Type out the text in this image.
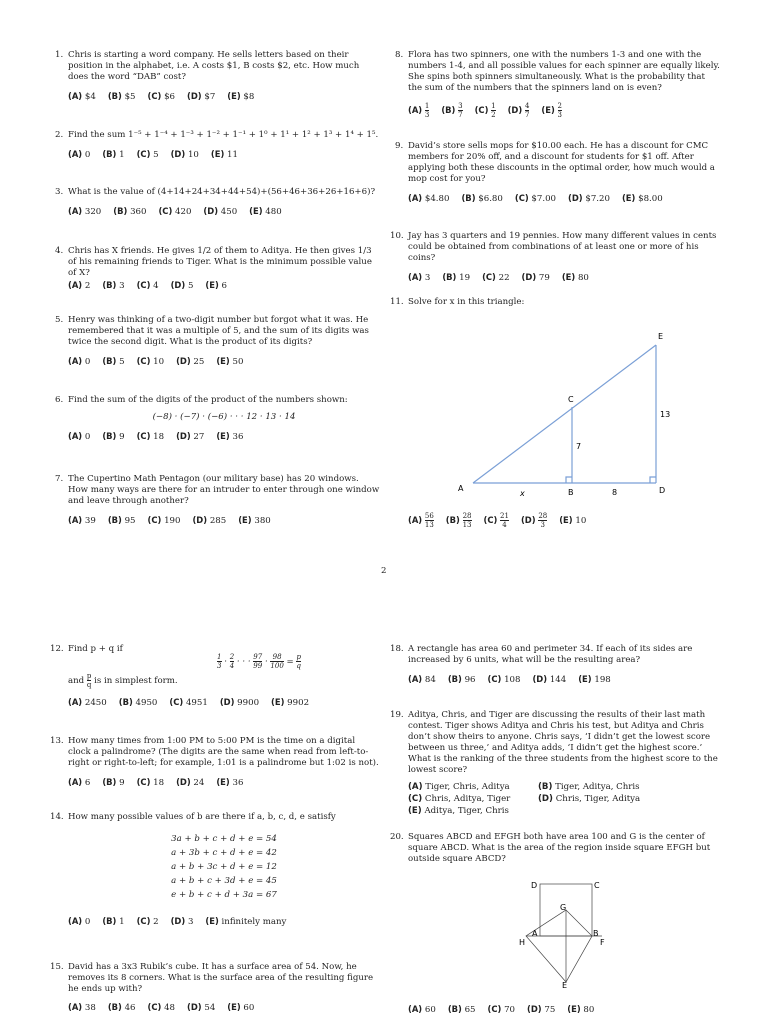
1. Chris is starting a word company. He sells letters based on their position in the alphabet, i.e. A costs $1, B costs $2, etc. How much does the word “DAB” cost?
(A) $4 (B) $5 (C) $6 (D) $7 (E) $8
2. Find the sum 1⁻⁵ + 1⁻⁴ + 1⁻³ + 1⁻² + 1⁻¹ + 1⁰ + 1¹ + 1² + 1³ + 1⁴ + 1⁵.
(A) 0 (B) 1 (C) 5 (D) 10 (E) 11
3. What is the value of (4+14+24+34+44+54)+(56+46+36+26+16+6)?
(A) 320 (B) 360 (C) 420 (D) 450 (E) 480
4. Chris has X friends. He gives 1/2 of them to Aditya. He then gives 1/3 of his remaining friends to Tiger. What is the minimum possible value of X?
(A) 2 (B) 3 (C) 4 (D) 5 (E) 6
5. Henry was thinking of a two-digit number but forgot what it was. He remembered that it was a multiple of 5, and the sum of its digits was twice the second digit. What is the product of its digits?
(A) 0 (B) 5 (C) 10 (D) 25 (E) 50
6. Find the sum of the digits of the product of the numbers shown:
(−8) · (−7) · (−6) · · · 12 · 13 · 14
(A) 0 (B) 9 (C) 18 (D) 27 (E) 36
7. The Cupertino Math Pentagon (our military base) has 20 windows. How many ways are there for an intruder to enter through one window and leave through another?
(A) 39 (B) 95 (C) 190 (D) 285 (E) 380
8. Flora has two spinners, one with the numbers 1-3 and one with the numbers 1-4, and all possible values for each spinner are equally likely. She spins both spinners simultaneously. What is the probability that the sum of the numbers that the spinners land on is even?
$(A) \frac{1}{3} (B) \frac{3}{7} (C) \frac{1}{2} (D) \frac{4}{7} (E) \frac{2}{3}$
9. David’s store sells mops for $10.00 each. He has a discount for CMC members for 20% off, and a discount for students for $1 off. After applying both these discounts in the optimal order, how much would a mop cost for you?
(A) $4.80 (B) $6.80 (C) $7.00 (D) $7.20 (E) $8.00
10. Jay has 3 quarters and 19 pennies. How many different values in cents could be obtained from combinations of at least one or more of his coins?
(A) 3 (B) 19 (C) 22 (D) 79 (E) 80
11. Solve for x in this triangle:
A	B
C
D
E
x	8
7
13
$(A) \frac{56}{13} (B) \frac{28}{13} (C) \frac{21}{4} (D) \frac{28}{3} (E)$ 10
2
12. Find p + q if
$\frac{1}{3} \cdot \frac{2}{4}$ · · · $\frac{97}{99} \cdot \frac{98}{100} = \frac{p}{q}$
and $\frac{p}{q}$ is in simplest form.
(A) 2450 (B) 4950 (C) 4951 (D) 9900 (E) 9902
13. How many times from 1:00 PM to 5:00 PM is the time on a digital clock a palindrome? (The digits are the same when read from left-to-right or right-to-left; for example, 1:01 is a palindrome but 1:02 is not).
(A) 6 (B) 9 (C) 18 (D) 24 (E) 36
14. How many possible values of b are there if a, b, c, d, e satisfy
3a + b + c + d + e = 54
a + 3b + c + d + e = 42
a + b + 3c + d + e = 12
a + b + c + 3d + e = 45
e + b + c + d + 3a = 67
(A) 0 (B) 1 (C) 2 (D) 3 (E) infinitely many
15. David has a 3x3 Rubik’s cube. It has a surface area of 54. Now, he removes its 8 corners. What is the surface area of the resulting figure he ends up with?
(A) 38 (B) 46 (C) 48 (D) 54 (E) 60
18. A rectangle has area 60 and perimeter 34. If each of its sides are increased by 6 units, what will be the resulting area?
(A) 84 (B) 96 (C) 108 (D) 144 (E) 198
19. Aditya, Chris, and Tiger are discussing the results of their last math contest. Tiger shows Aditya and Chris his test, but Aditya and Chris don’t show theirs to anyone. Chris says, ‘I didn’t get the lowest score between us three,’ and Aditya adds, ‘I didn’t get the highest score.’ What is the ranking of the three students from the highest score to the lowest score?
(A) Tiger, Chris, Aditya	(B) Tiger, Aditya, Chris
(C) Chris, Aditya, Tiger	(D) Chris, Tiger, Aditya
(E) Aditya, Tiger, Chris
20. Squares ABCD and EFGH both have area 100 and G is the center of square ABCD. What is the area of the region inside square EFGH but outside square ABCD?
D	C
G
A	B
H	F
E
(A) 60 (B) 65 (C) 70 (D) 75 (E) 80
